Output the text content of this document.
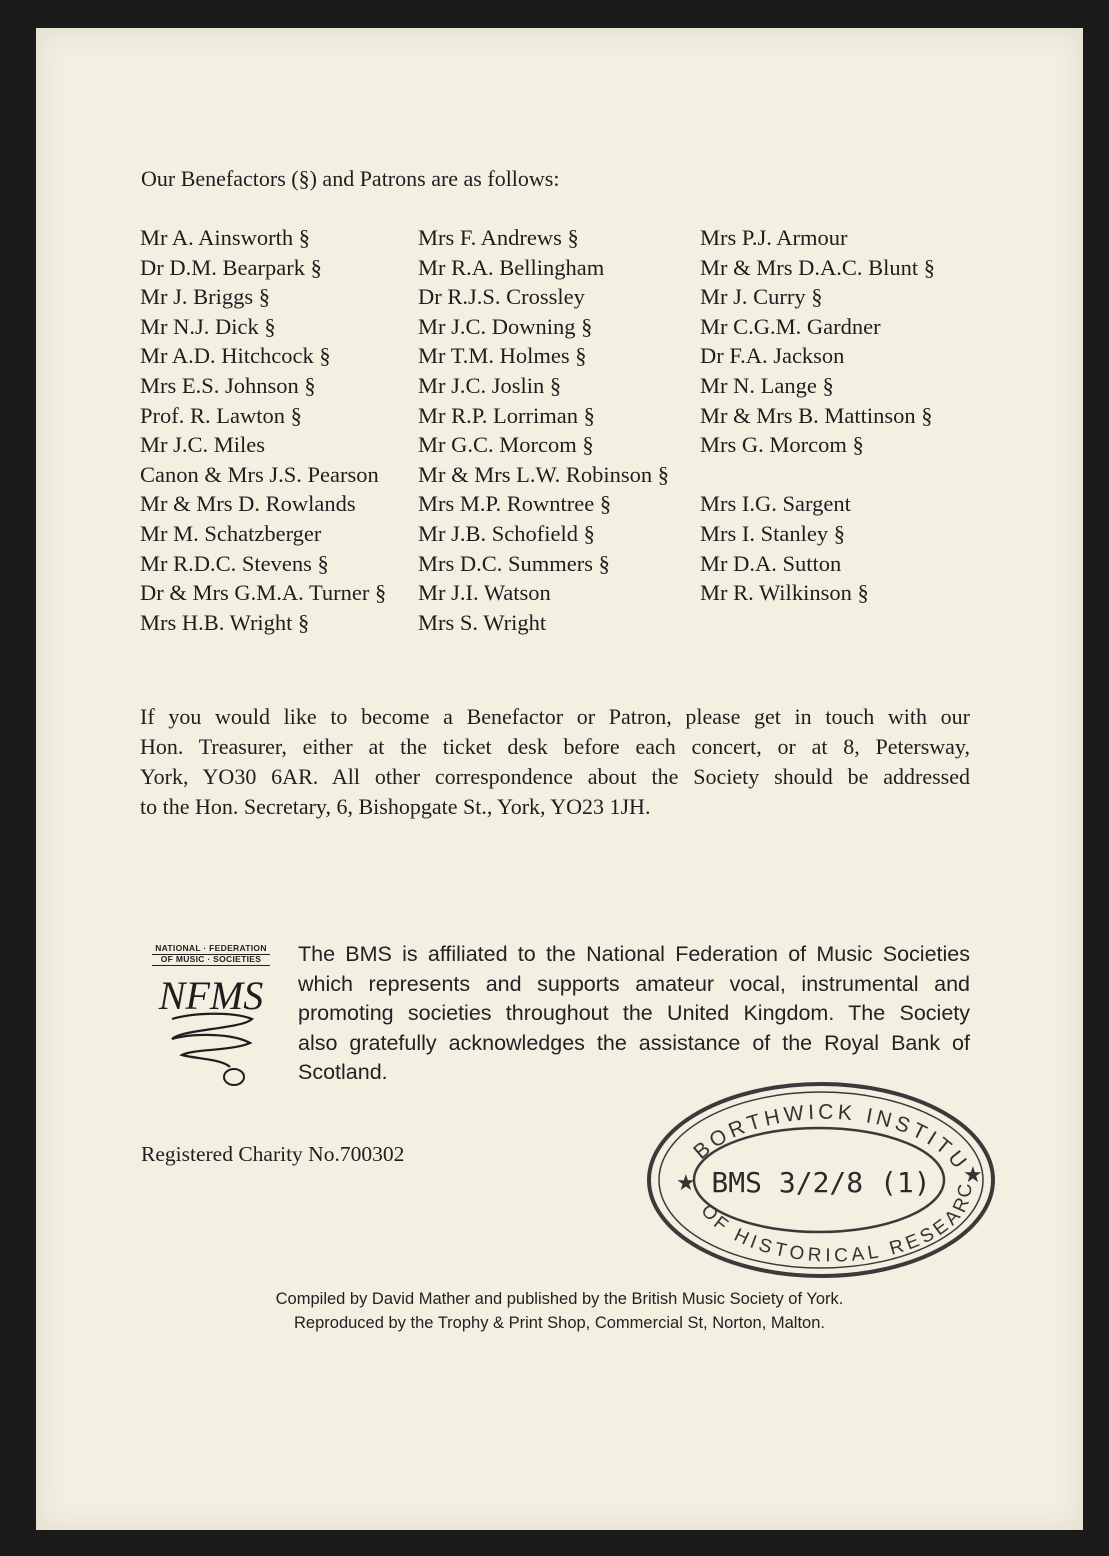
Our Benefactors (§) and Patrons are as follows:
Mr A. Ainsworth §	Mrs F. Andrews §	Mrs P.J. Armour
Dr D.M. Bearpark §	Mr R.A. Bellingham	Mr & Mrs D.A.C. Blunt §
Mr J. Briggs §	Dr R.J.S. Crossley	Mr J. Curry §
Mr N.J. Dick §	Mr J.C. Downing §	Mr C.G.M. Gardner
Mr A.D. Hitchcock §	Mr T.M. Holmes §	Dr F.A. Jackson
Mrs E.S. Johnson §	Mr J.C. Joslin §	Mr N. Lange §
Prof. R. Lawton §	Mr R.P. Lorriman §	Mr & Mrs B. Mattinson §
Mr J.C. Miles	Mr G.C. Morcom §	Mrs G. Morcom §
Canon & Mrs J.S. Pearson	Mr & Mrs L.W. Robinson §
Mr & Mrs D. Rowlands	Mrs M.P. Rowntree §	Mrs I.G. Sargent
Mr M. Schatzberger	Mr J.B. Schofield §	Mrs I. Stanley §
Mr R.D.C. Stevens §	Mrs D.C. Summers §	Mr D.A. Sutton
Dr & Mrs G.M.A. Turner §	Mr J.I. Watson	Mr R. Wilkinson §
Mrs H.B. Wright §	Mrs S. Wright
If you would like to become a Benefactor or Patron, please get in touch with our
Hon. Treasurer, either at the ticket desk before each concert, or at 8, Petersway,
York, YO30 6AR. All other correspondence about the Society should be addressed
to the Hon. Secretary, 6, Bishopgate St., York, YO23 1JH.
NATIONAL · FEDERATION
OF MUSIC · SOCIETIES
NFMS
The BMS is affiliated to the National Federation of Music Societies
which represents and supports amateur vocal, instrumental and
promoting societies throughout the United Kingdom. The Society
also gratefully acknowledges the assistance of the Royal Bank of
Scotland.
Registered Charity No.700302	BORTHWICK INSTITU
OF HISTORICAL RESEARC
★	★
BMS 3/2/8 (1)
Compiled by David Mather and published by the British Music Society of York.
Reproduced by the Trophy & Print Shop, Commercial St, Norton, Malton.
